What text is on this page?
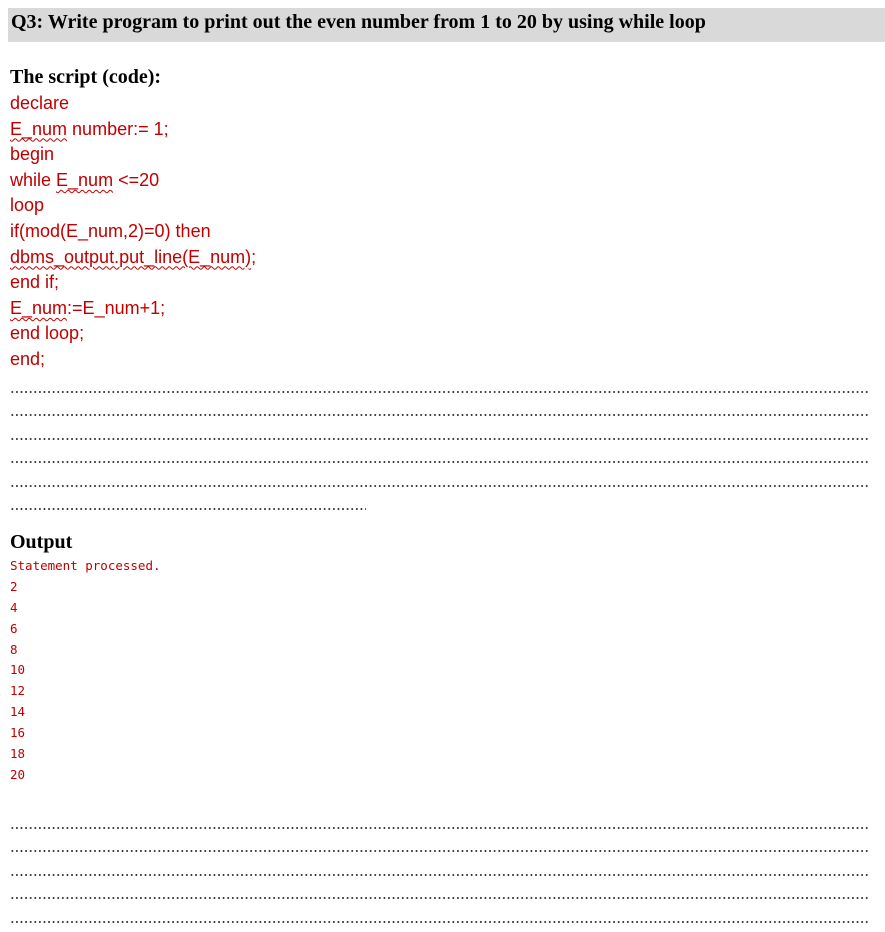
Q3: Write program to print out the even number from 1 to 20 by using while loop
The script (code):
declare
E_num number:= 1;
begin
while E_num <=20
loop
if(mod(E_num,2)=0) then
dbms_output.put_line(E_num);
end if;
E_num:=E_num+1;
end loop;
end;
Output
Statement processed.
2
4
6
8
10
12
14
16
18
20
